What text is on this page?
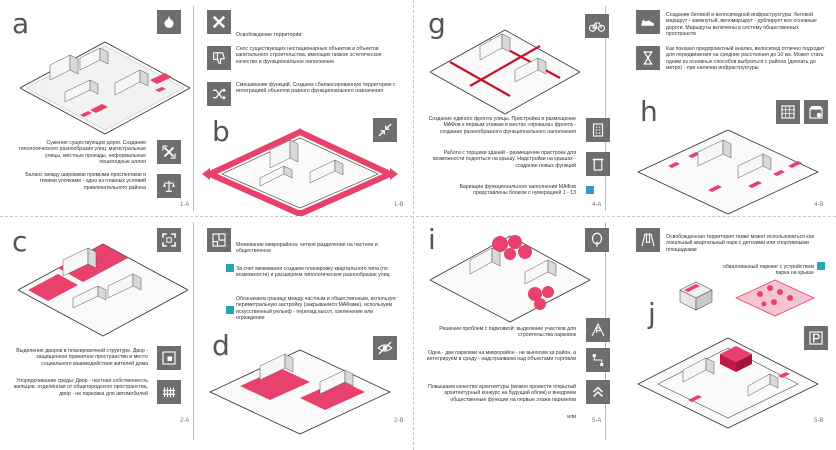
a	Освобождение территории:
Снос существующих нестационарных объектов и объектов капитального строительства, имеющих низкое эстетическое качество и функциональное наполнение
Смешивание функций. Создаем сбалансированную территорию с интеграцией объектов разного функционального назначения
Сужение существующих дорог. Создание типологического разнообразия улиц: магистральные улицы, местные проезды, неформальные пешеходные аллеи
Баланс между широкими прямыми проспектами и тихими улочками - одно из главных условий привлекательного района
1-A
b
1-B
c	Межевание микрорайона: четкое разделение на частное и общественное
За счет межевания создаем планировку квартального типа (по возможности) и расширяем типологическое разнообразие улиц
Обозначаем границу между частным и общественным, используя: периметральную застройку (закрываемся МАФами), используем искусственный рельеф - перепад высот, озеленение или ограждение
Выделение дворов в планировочной структуре. Двор - защищенное приватное пространство и место социального взаимодействия жителей дома
Упорядочивание среды: Двор - частная собственность жильцов, отделённая от общегородского пространства, двор - не парковка для автомобилей
2-A
d
2-B
g	Создание беговой и велосипедной инфраструктуры: беговой маршрут - замкнутый, веломаршрут - дублирует все основные дороги. Маршруты включены в систему общественных пространств
Как показал предпроектный анализ, велосипед отлично подходит для передвижения на средние расстояния до 10 км. Может стать одним из основных способов выбраться с района (доехать до метро) - при наличии инфраструктуры
Создание единого фронта улицы. Пристройка и размещение МАФов к первым этажам в местах «провала» фронта - создание разнообразного функционального наполнения
Работа с торцами зданий - размещение пристроек для возможности подняться на крышу. Надстройки на крышах - создание новых функций
Вариации функционального наполнения МАФов представлены блоком с нумерацией 1 - 13
4-A
h
4-B
i	Освобожденная территория также может использоваться как локальный квартальный парк с детскими или спортивными площадками
обвалованный паркинг с устройством парка на крыше
j
Решение проблем с парковкой: выделение участков для строительства парковок
Одна - две парковки на микрорайон - не выносим за район, а интегрируем в среду - надстраиваем над объектами торговли
Повышаем качество архитектуры (можно провести открытый архитектурный конкурс на будущий облик) и внедряем общественные функции на первые этажи паркингов
или
5-A	5-B
